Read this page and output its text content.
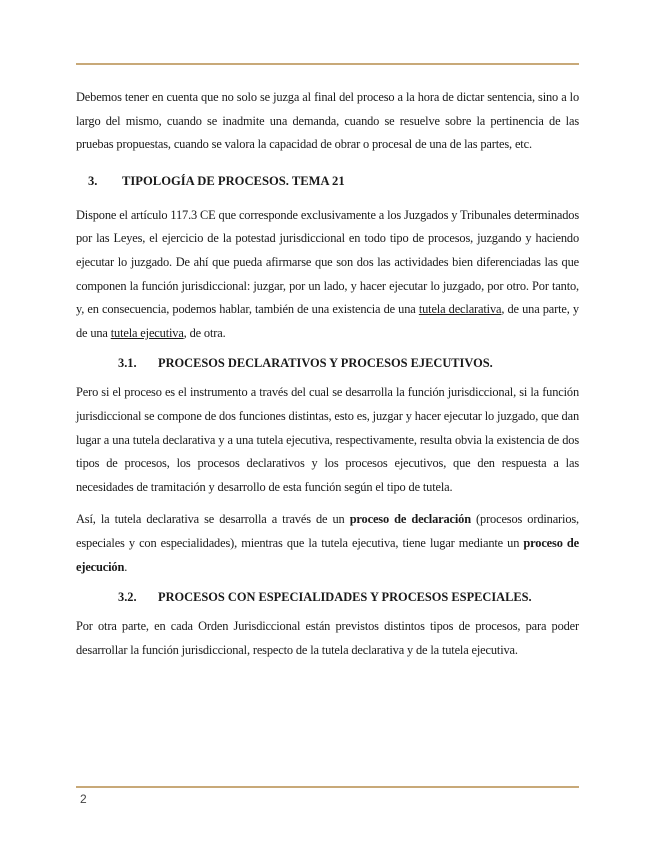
Debemos tener en cuenta que no solo se juzga al final del proceso a la hora de dictar sentencia, sino a lo largo del mismo, cuando se inadmite una demanda, cuando se resuelve sobre la pertinencia de las pruebas propuestas, cuando se valora la capacidad de obrar o procesal de una de las partes, etc.

3. TIPOLOGÍA DE PROCESOS. TEMA 21

Dispone el artículo 117.3 CE que corresponde exclusivamente a los Juzgados y Tribunales determinados por las Leyes, el ejercicio de la potestad jurisdiccional en todo tipo de procesos, juzgando y haciendo ejecutar lo juzgado. De ahí que pueda afirmarse que son dos las actividades bien diferenciadas las que componen la función jurisdiccional: juzgar, por un lado, y hacer ejecutar lo juzgado, por otro. Por tanto, y, en consecuencia, podemos hablar, también de una existencia de una tutela declarativa, de una parte, y de una tutela ejecutiva, de otra.

3.1. PROCESOS DECLARATIVOS Y PROCESOS EJECUTIVOS.

Pero si el proceso es el instrumento a través del cual se desarrolla la función jurisdiccional, si la función jurisdiccional se compone de dos funciones distintas, esto es, juzgar y hacer ejecutar lo juzgado, que dan lugar a una tutela declarativa y a una tutela ejecutiva, respectivamente, resulta obvia la existencia de dos tipos de procesos, los procesos declarativos y los procesos ejecutivos, que den respuesta a las necesidades de tramitación y desarrollo de esta función según el tipo de tutela.

Así, la tutela declarativa se desarrolla a través de un proceso de declaración (procesos ordinarios, especiales y con especialidades), mientras que la tutela ejecutiva, tiene lugar mediante un proceso de ejecución.

3.2. PROCESOS CON ESPECIALIDADES Y PROCESOS ESPECIALES.

Por otra parte, en cada Orden Jurisdiccional están previstos distintos tipos de procesos, para poder desarrollar la función jurisdiccional, respecto de la tutela declarativa y de la tutela ejecutiva.

2
